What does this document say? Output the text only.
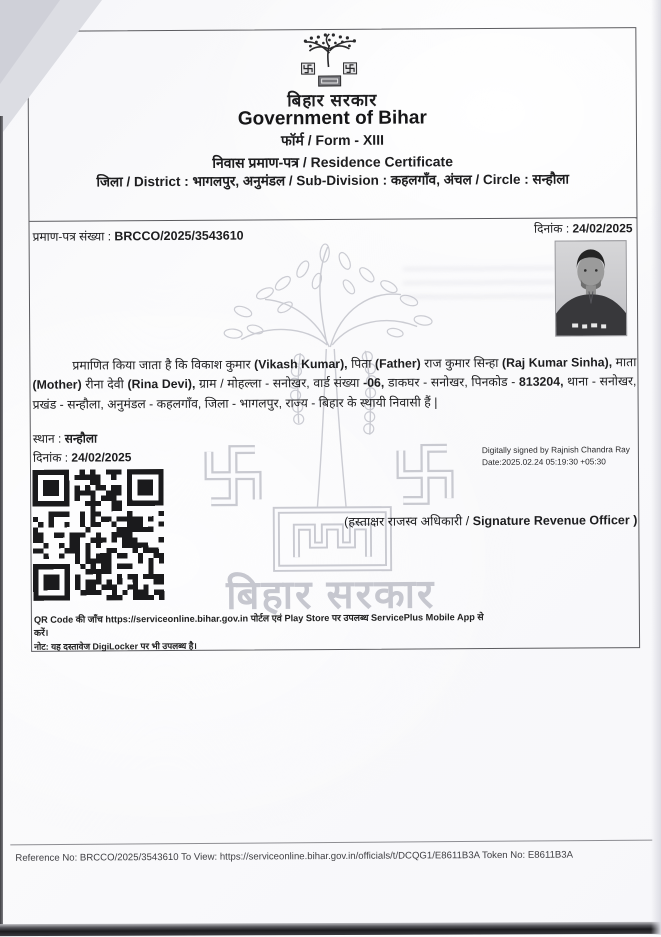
बिहार सरकार
बिहार सरकार
Government of Bihar
फॉर्म / Form - XIII
निवास प्रमाण-पत्र / Residence Certificate
जिला / District : भागलपुर, अनुमंडल / Sub-Division : कहलगाँव, अंचल / Circle : सन्हौला
प्रमाण-पत्र संख्या : BRCCO/2025/3543610	दिनांक : 24/02/2025
प्रमाणित किया जाता है कि विकाश कुमार (Vikash Kumar), पिता (Father) राज कुमार सिन्हा (Raj Kumar Sinha), माता (Mother) रीना देवी (Rina Devi), ग्राम / मोहल्ला - सनोखर, वार्ड संख्या -06, डाकघर - सनोखर, पिनकोड - 813204, थाना - सनोखर, प्रखंड - सन्हौला, अनुमंडल - कहलगाँव, जिला - भागलपुर, राज्य - बिहार के स्थायी निवासी हैं |
स्थान : सन्हौला
दिनांक : 24/02/2025
Digitally signed by Rajnish Chandra Ray
Date:2025.02.24 05:19:30 +05:30
(हस्ताक्षर राजस्व अधिकारी / Signature Revenue Officer )
QR Code की जाँच https://serviceonline.bihar.gov.in पोर्टल एवं Play Store पर उपलब्ध ServicePlus Mobile App से करें।
नोट: यह दस्तावेज DigiLocker पर भी उपलब्ध है।
Reference No: BRCCO/2025/3543610 To View: https://serviceonline.bihar.gov.in/officials/t/DCQG1/E8611B3A Token No: E8611B3A
